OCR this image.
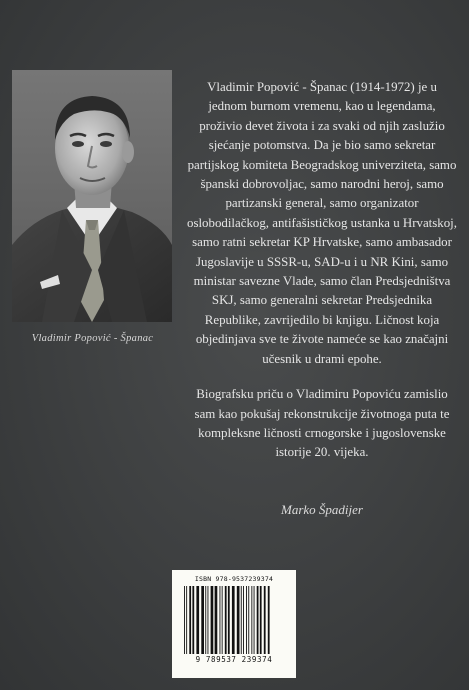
Vladimir Popović - Španac

Vladimir Popović - Španac (1914-1972) je u jednom burnom vremenu, kao u legendama, proživio devet života i za svaki od njih zaslužio sjećanje potomstva. Da je bio samo sekretar partijskog komiteta Beogradskog univerziteta, samo španski dobrovoljac, samo narodni heroj, samo partizanski general, samo organizator oslobodilačkog, antifašističkog ustanka u Hrvatskoj, samo ratni sekretar KP Hrvatske, samo ambasador Jugoslavije u SSSR-u, SAD-u i u NR Kini, samo ministar savezne Vlade, samo član Predsjedništva SKJ, samo generalni sekretar Predsjednika Republike, zavrijedilo bi knjigu. Ličnost koja objedinjava sve te živote nameće se kao značajni učesnik u drami epohe.

Biografsku priču o Vladimiru Popoviću zamislio sam kao pokušaj rekonstrukcije životnoga puta te kompleksne ličnosti crnogorske i jugoslovenske istorije 20. vijeka.

Marko Špadijer
ISBN 978-9537239374
9 789537 239374
